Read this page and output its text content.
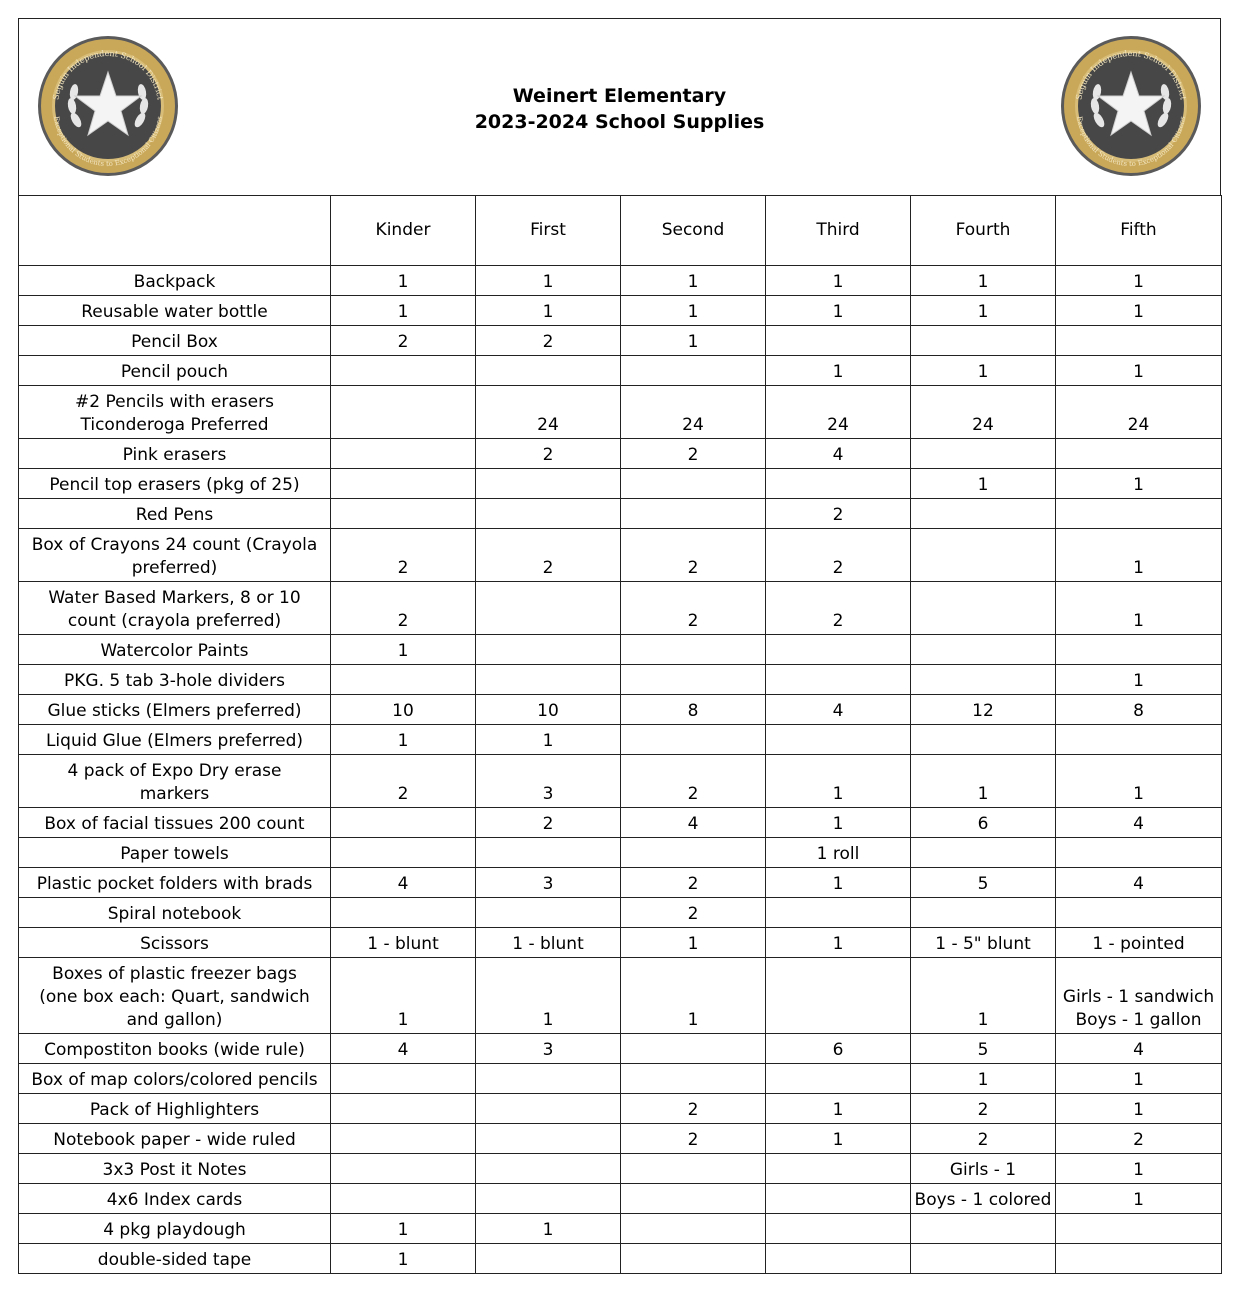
Seguin Independent School District
Exceptional Students to Exceptional Citizens
Weinert Elementary
2023-2024 School Supplies
Seguin Independent School District
Exceptional Students to Exceptional Citizens
	Kinder	First	Second	Third	Fourth	Fifth
Backpack	1	1	1	1	1	1
Reusable water bottle	1	1	1	1	1	1
Pencil Box	2	2	1			
Pencil pouch				1	1	1
#2 Pencils with erasers
Ticonderoga Preferred		24	24	24	24	24
Pink erasers		2	2	4		
Pencil top erasers (pkg of 25)					1	1
Red Pens				2		
Box of Crayons 24 count (Crayola
preferred)	2	2	2	2		1
Water Based Markers, 8 or 10
count (crayola preferred)	2		2	2		1
Watercolor Paints	1					
PKG. 5 tab 3-hole dividers						1
Glue sticks (Elmers preferred)	10	10	8	4	12	8
Liquid Glue (Elmers preferred)	1	1				
4 pack of Expo Dry erase
markers	2	3	2	1	1	1
Box of facial tissues 200 count		2	4	1	6	4
Paper towels				1 roll		
Plastic pocket folders with brads	4	3	2	1	5	4
Spiral notebook			2			
Scissors	1 - blunt	1 - blunt	1	1	1 - 5" blunt	1 - pointed
Boxes of plastic freezer bags
(one box each: Quart, sandwich
and gallon)	1	1	1		1	Girls - 1 sandwich
Boys - 1 gallon
Compostiton books (wide rule)	4	3		6	5	4
Box of map colors/colored pencils					1	1
Pack of Highlighters			2	1	2	1
Notebook paper - wide ruled			2	1	2	2
3x3 Post it Notes					Girls - 1	1
4x6 Index cards					Boys - 1 colored	1
4 pkg playdough	1	1				
double-sided tape	1					
